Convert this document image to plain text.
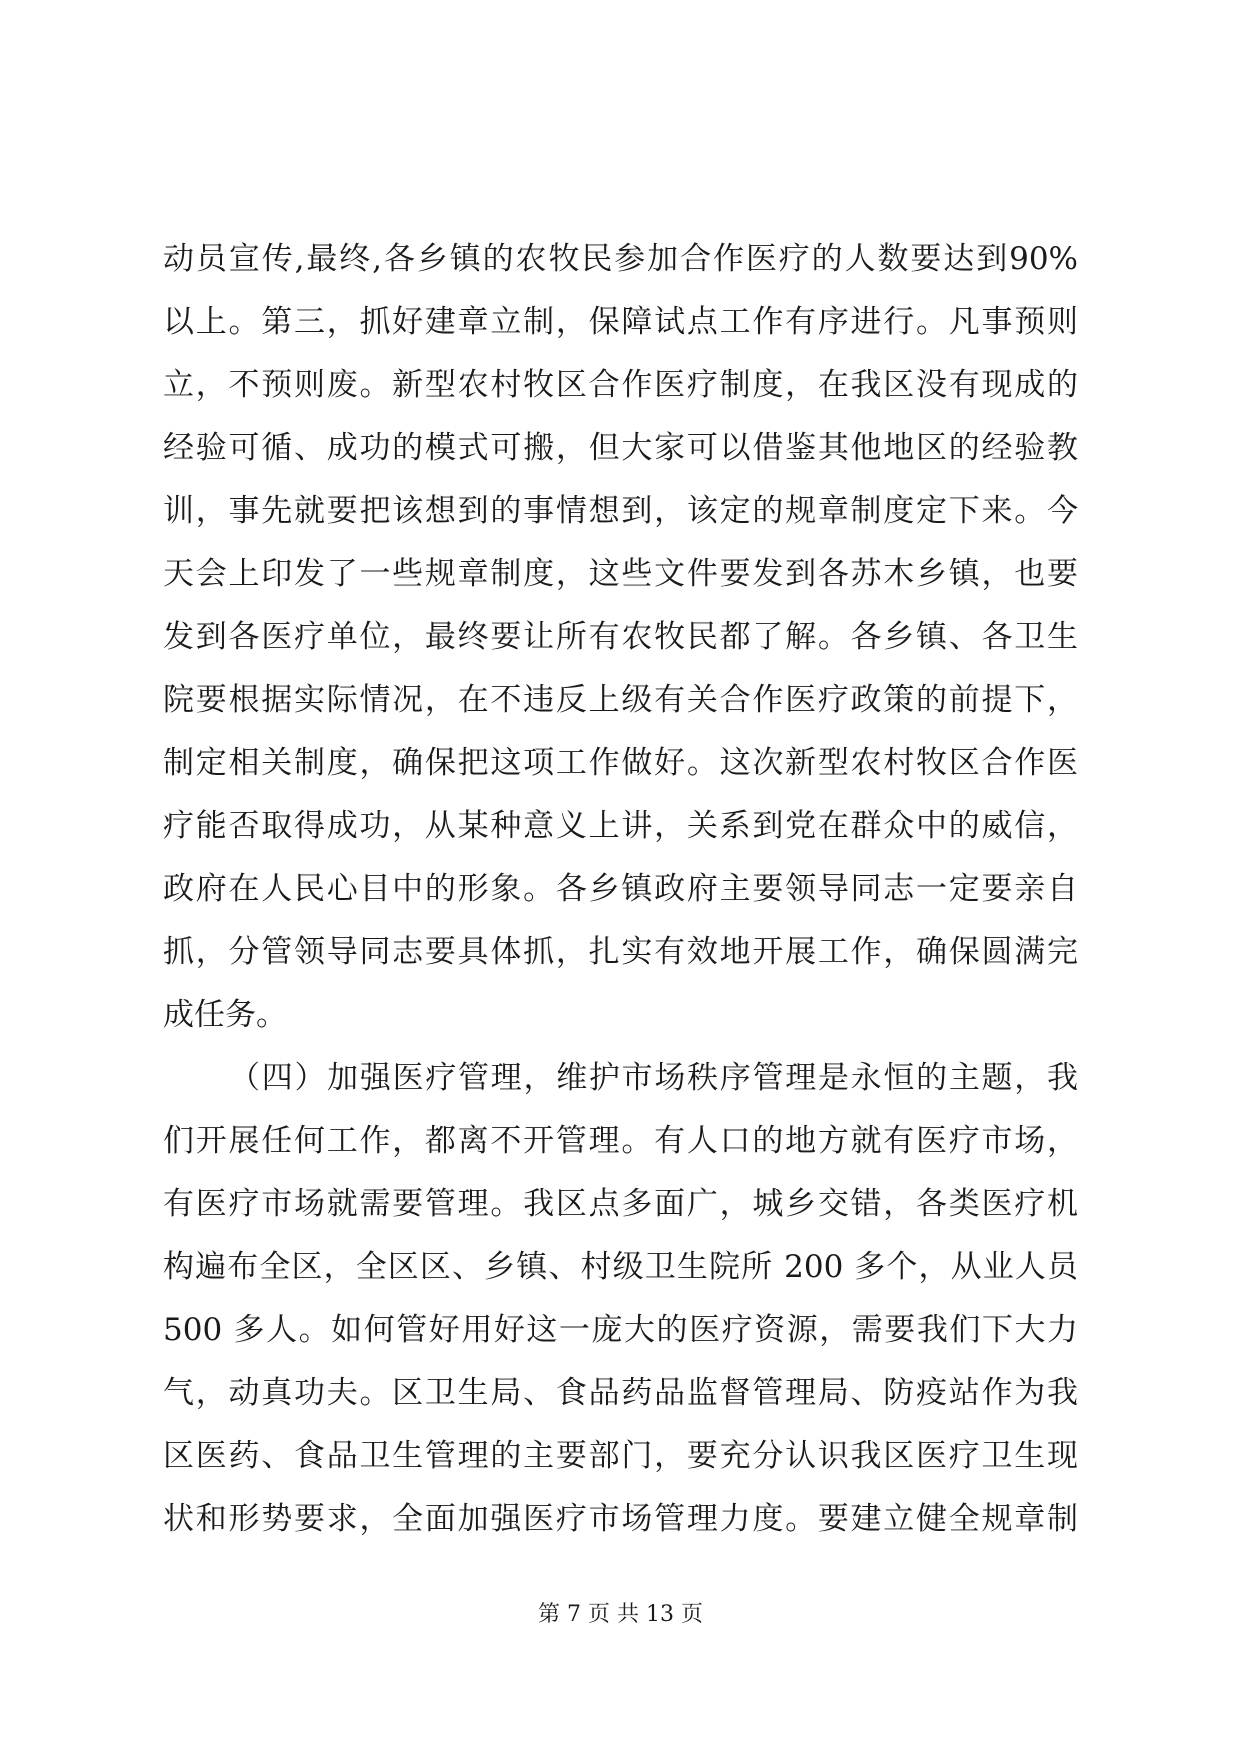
动员宣传,最终,各乡镇的农牧民参加合作医疗的人数要达到90%
以上。第三，抓好建章立制，保障试点工作有序进行。凡事预则
立，不预则废。新型农村牧区合作医疗制度，在我区没有现成的
经验可循、成功的模式可搬，但大家可以借鉴其他地区的经验教
训，事先就要把该想到的事情想到，该定的规章制度定下来。今
天会上印发了一些规章制度，这些文件要发到各苏木乡镇，也要
发到各医疗单位，最终要让所有农牧民都了解。各乡镇、各卫生
院要根据实际情况，在不违反上级有关合作医疗政策的前提下，
制定相关制度，确保把这项工作做好。这次新型农村牧区合作医
疗能否取得成功，从某种意义上讲，关系到党在群众中的威信，
政府在人民心目中的形象。各乡镇政府主要领导同志一定要亲自
抓，分管领导同志要具体抓，扎实有效地开展工作，确保圆满完
成任务。
（四）加强医疗管理，维护市场秩序管理是永恒的主题，我
们开展任何工作，都离不开管理。有人口的地方就有医疗市场，
有医疗市场就需要管理。我区点多面广，城乡交错，各类医疗机
构遍布全区，全区区、乡镇、村级卫生院所 200 多个，从业人员
500 多人。如何管好用好这一庞大的医疗资源，需要我们下大力
气，动真功夫。区卫生局、食品药品监督管理局、防疫站作为我
区医药、食品卫生管理的主要部门，要充分认识我区医疗卫生现
状和形势要求，全面加强医疗市场管理力度。要建立健全规章制
第 7 页 共 13 页
